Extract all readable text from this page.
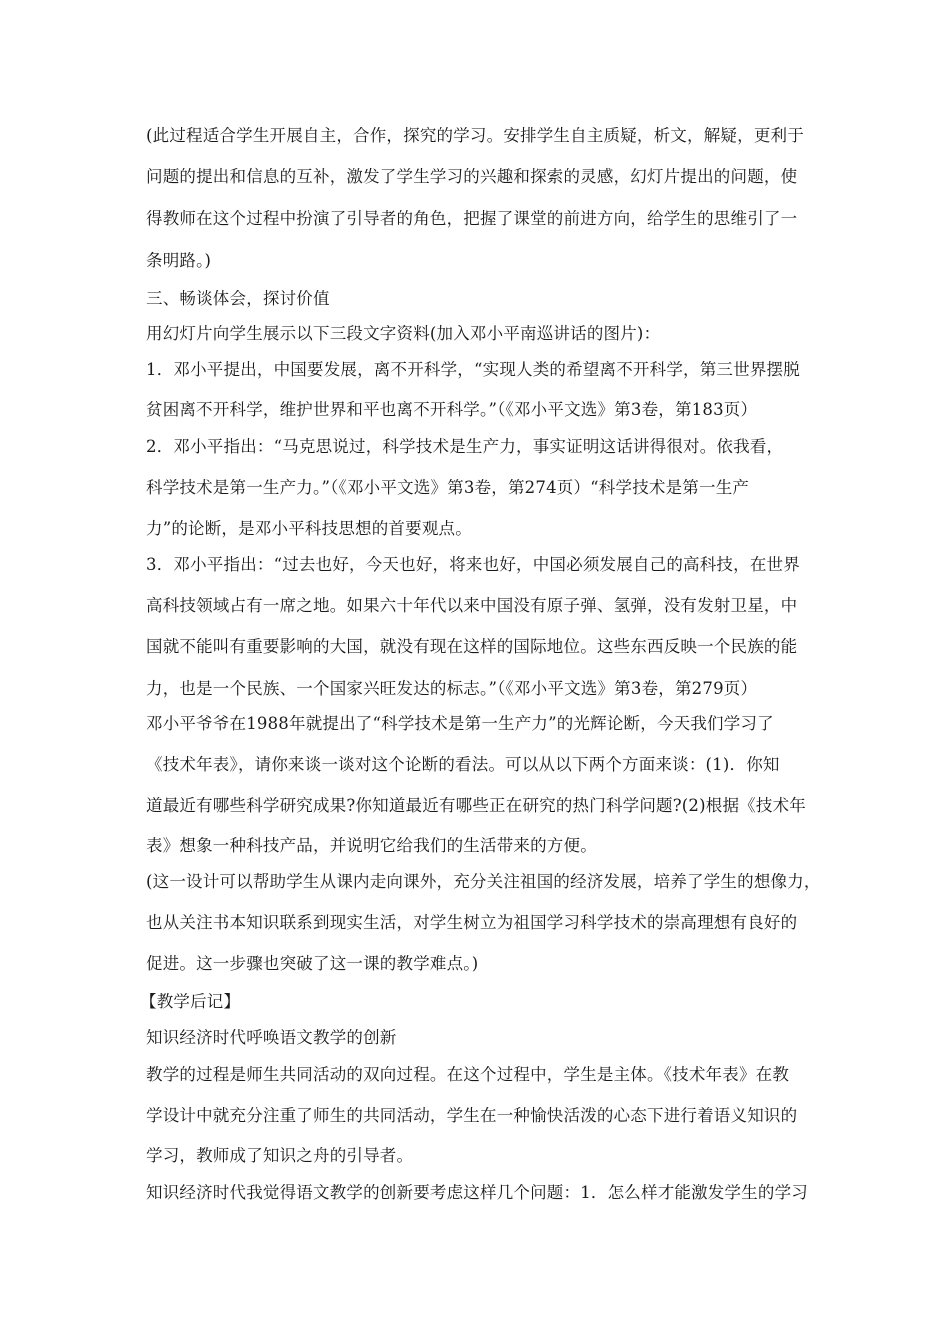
(此过程适合学生开展自主，合作，探究的学习。安排学生自主质疑，析文，解疑，更利于
问题的提出和信息的互补，激发了学生学习的兴趣和探索的灵感，幻灯片提出的问题，使
得教师在这个过程中扮演了引导者的角色，把握了课堂的前进方向，给学生的思维引了一
条明路。)
三、畅谈体会，探讨价值
用幻灯片向学生展示以下三段文字资料(加入邓小平南巡讲话的图片)：
1．邓小平提出，中国要发展，离不开科学，“实现人类的希望离不开科学，第三世界摆脱
贫困离不开科学，维护世界和平也离不开科学。”（《邓小平文选》第3卷，第183页）
2．邓小平指出：“马克思说过，科学技术是生产力，事实证明这话讲得很对。依我看，
科学技术是第一生产力。”（《邓小平文选》第3卷，第274页）“科学技术是第一生产
力”的论断，是邓小平科技思想的首要观点。
3．邓小平指出：“过去也好，今天也好，将来也好，中国必须发展自己的高科技，在世界
高科技领域占有一席之地。如果六十年代以来中国没有原子弹、氢弹，没有发射卫星，中
国就不能叫有重要影响的大国，就没有现在这样的国际地位。这些东西反映一个民族的能
力，也是一个民族、一个国家兴旺发达的标志。”（《邓小平文选》第3卷，第279页）
邓小平爷爷在1988年就提出了“科学技术是第一生产力”的光辉论断，今天我们学习了
《技术年表》，请你来谈一谈对这个论断的看法。可以从以下两个方面来谈：(1)．你知
道最近有哪些科学研究成果?你知道最近有哪些正在研究的热门科学问题?(2)根据《技术年
表》想象一种科技产品，并说明它给我们的生活带来的方便。
(这一设计可以帮助学生从课内走向课外，充分关注祖国的经济发展，培养了学生的想像力，
也从关注书本知识联系到现实生活，对学生树立为祖国学习科学技术的崇高理想有良好的
促进。这一步骤也突破了这一课的教学难点。)
【教学后记】
知识经济时代呼唤语文教学的创新
教学的过程是师生共同活动的双向过程。在这个过程中，学生是主体。《技术年表》在教
学设计中就充分注重了师生的共同活动，学生在一种愉快活泼的心态下进行着语义知识的
学习，教师成了知识之舟的引导者。
知识经济时代我觉得语文教学的创新要考虑这样几个问题：1．怎么样才能激发学生的学习
